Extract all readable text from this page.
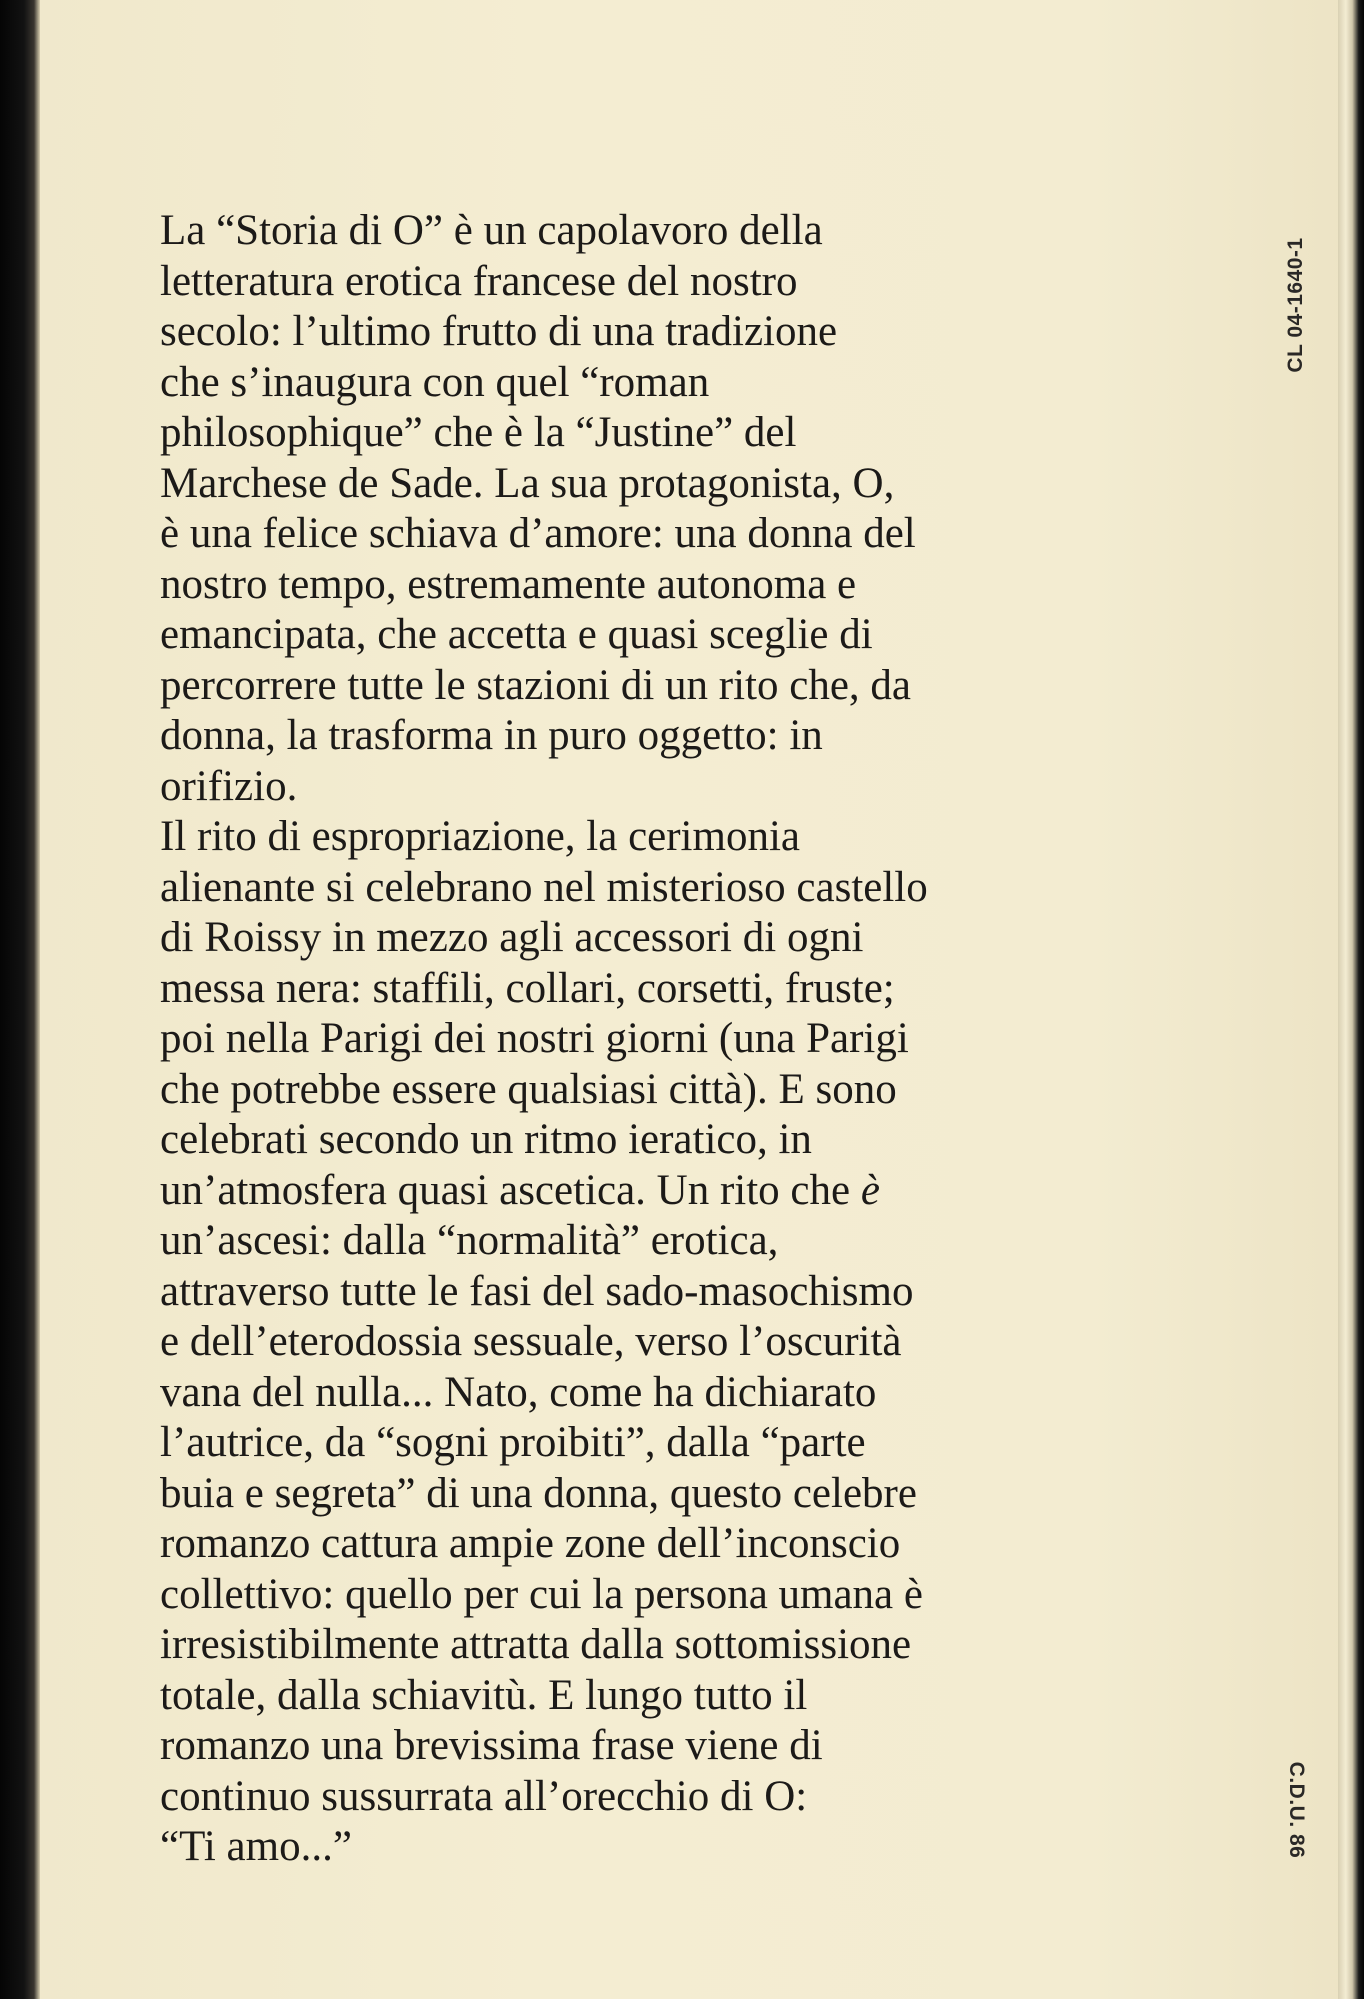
La “Storia di O” è un capolavoro della
letteratura erotica francese del nostro
secolo: l’ultimo frutto di una tradizione
che s’inaugura con quel “roman
philosophique” che è la “Justine” del
Marchese de Sade. La sua protagonista, O,
è una felice schiava d’amore: una donna del
nostro tempo, estremamente autonoma e
emancipata, che accetta e quasi sceglie di
percorrere tutte le stazioni di un rito che, da
donna, la trasforma in puro oggetto: in
orifizio.
Il rito di espropriazione, la cerimonia
alienante si celebrano nel misterioso castello
di Roissy in mezzo agli accessori di ogni
messa nera: staffili, collari, corsetti, fruste;
poi nella Parigi dei nostri giorni (una Parigi
che potrebbe essere qualsiasi città). E sono
celebrati secondo un ritmo ieratico, in
un’atmosfera quasi ascetica. Un rito che è
un’ascesi: dalla “normalità” erotica,
attraverso tutte le fasi del sado-masochismo
e dell’eterodossia sessuale, verso l’oscurità
vana del nulla... Nato, come ha dichiarato
l’autrice, da “sogni proibiti”, dalla “parte
buia e segreta” di una donna, questo celebre
romanzo cattura ampie zone dell’inconscio
collettivo: quello per cui la persona umana è
irresistibilmente attratta dalla sottomissione
totale, dalla schiavitù. E lungo tutto il
romanzo una brevissima frase viene di
continuo sussurrata all’orecchio di O:
“Ti amo...”
CL 04-1640-1
C.D.U. 86
